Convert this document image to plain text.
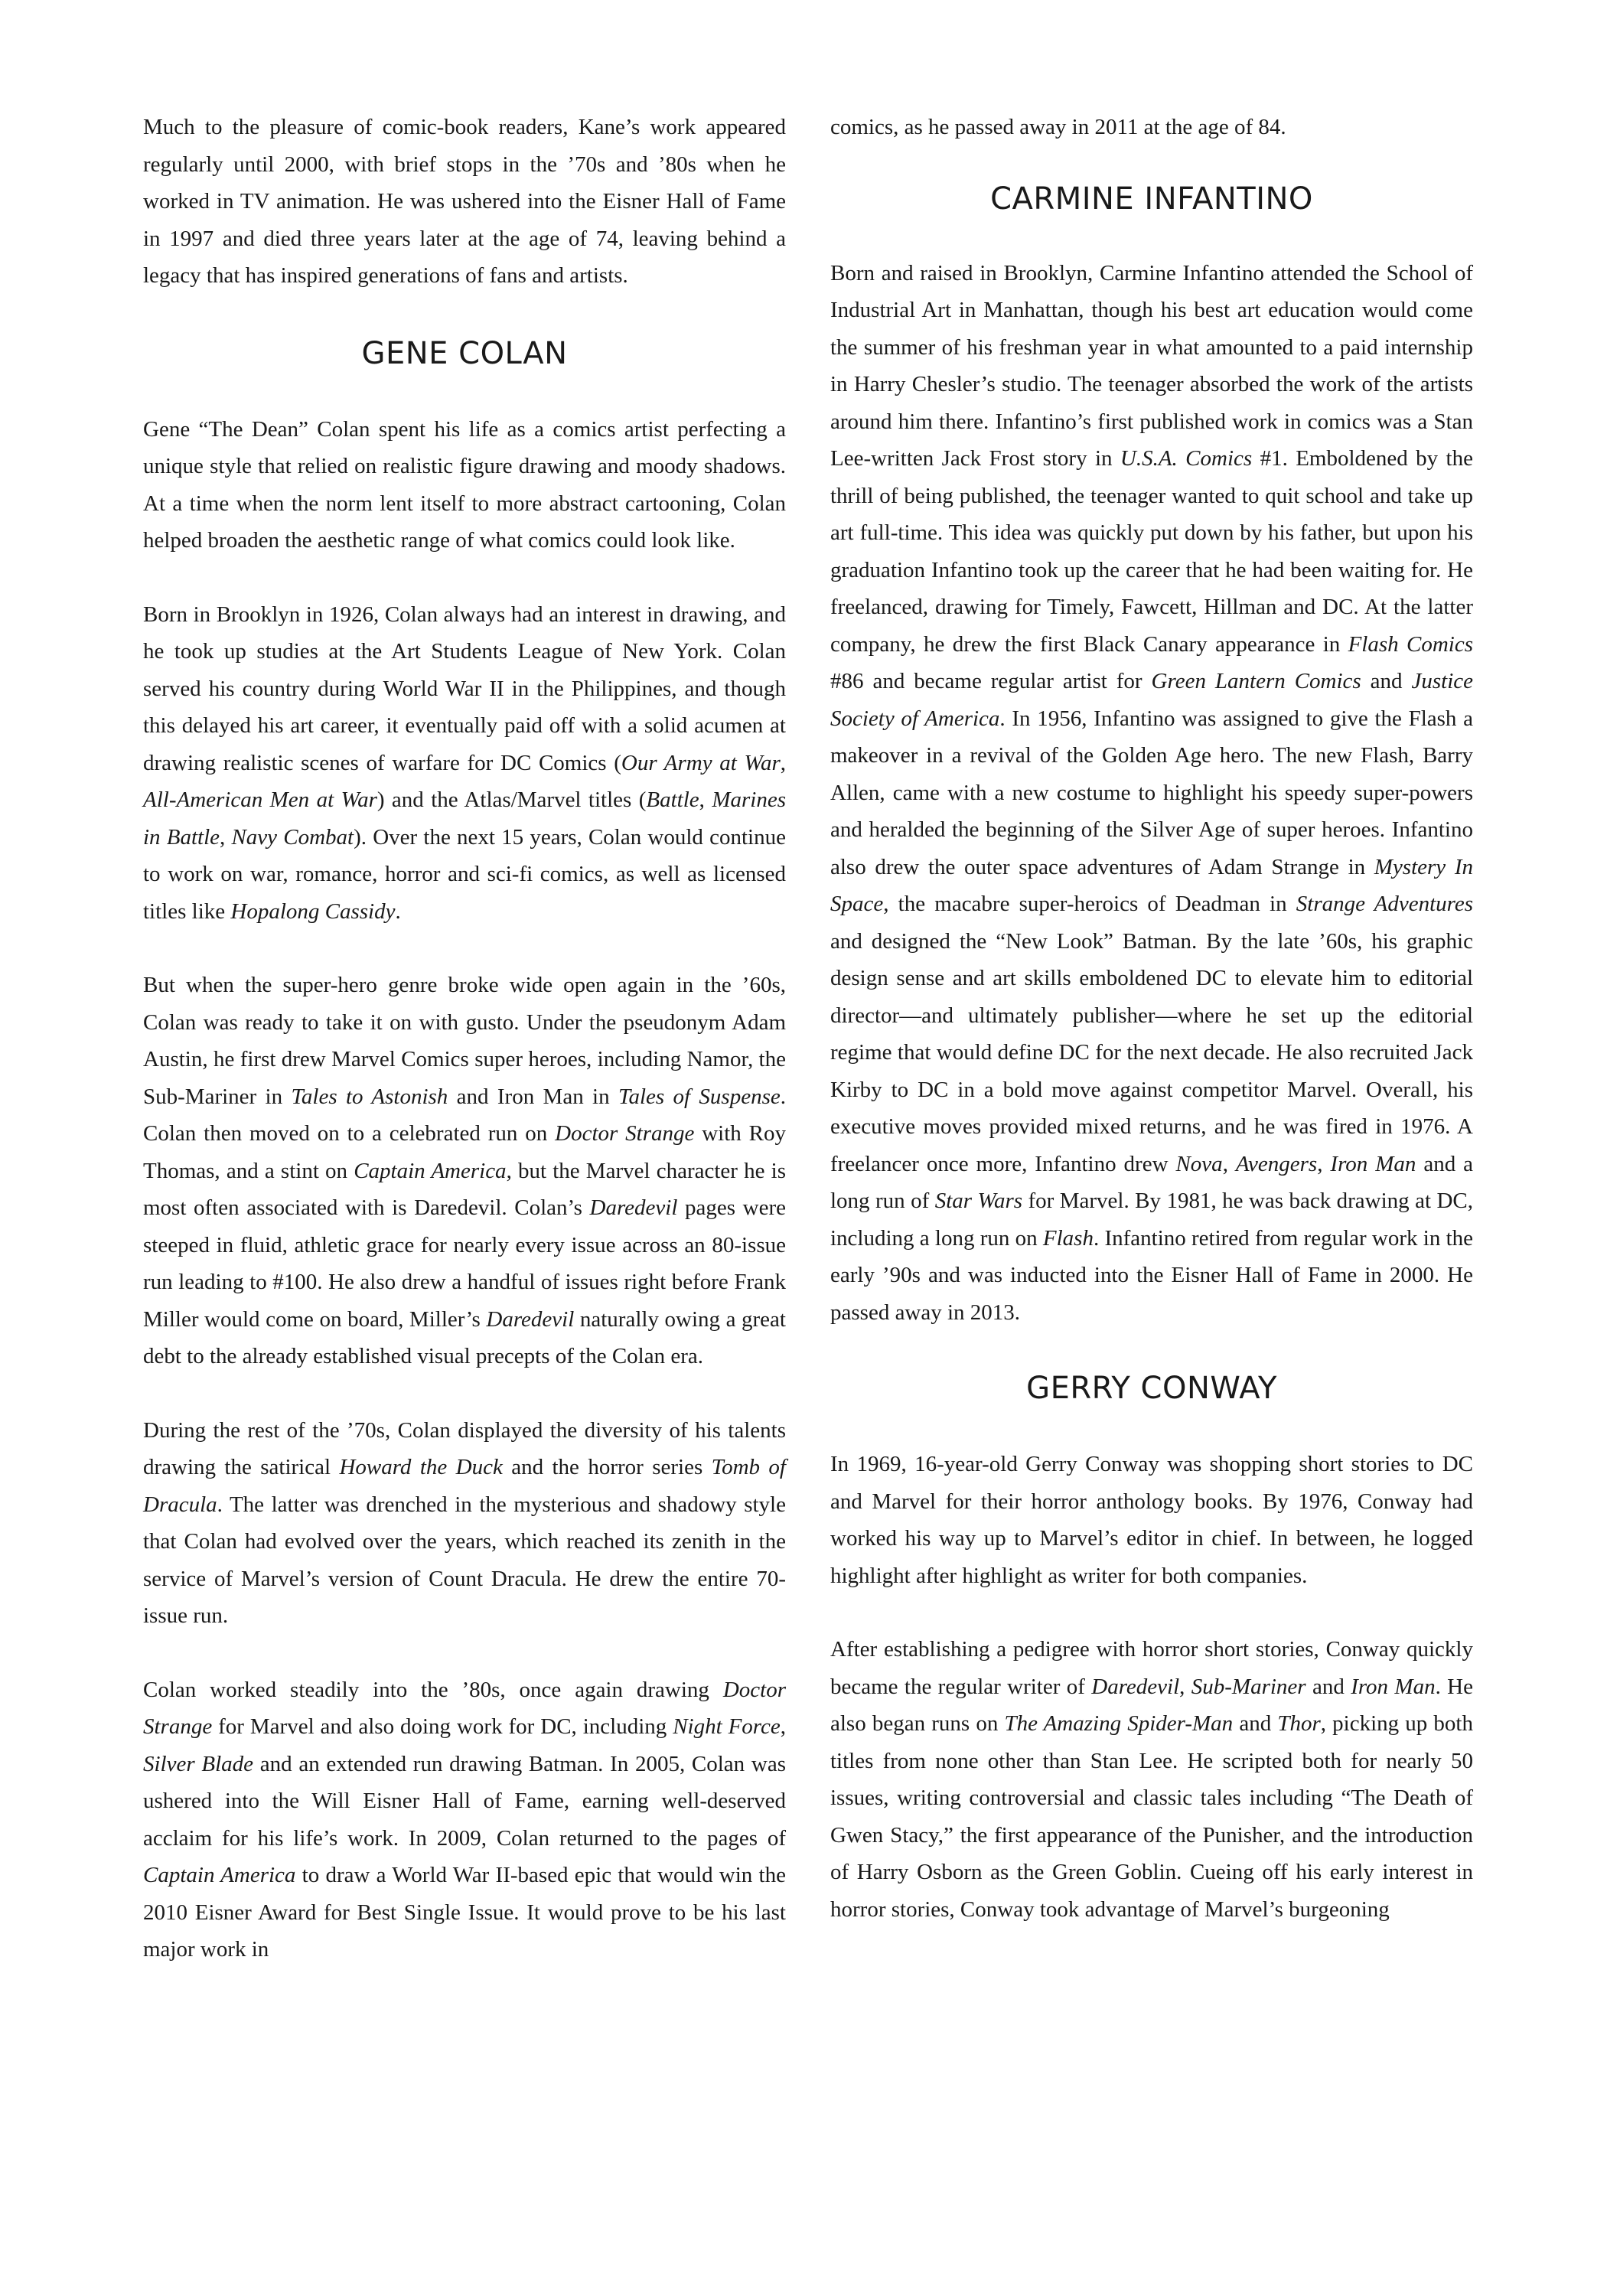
Much to the pleasure of comic-book readers, Kane’s work appeared regularly until 2000, with brief stops in the ’70s and ’80s when he worked in TV animation. He was ushered into the Eisner Hall of Fame in 1997 and died three years later at the age of 74, leaving behind a legacy that has inspired generations of fans and artists.

GENE COLAN

Gene “The Dean” Colan spent his life as a comics artist perfecting a unique style that relied on realistic figure drawing and moody shadows. At a time when the norm lent itself to more abstract cartooning, Colan helped broaden the aesthetic range of what comics could look like.

Born in Brooklyn in 1926, Colan always had an interest in drawing, and he took up studies at the Art Students League of New York. Colan served his country during World War II in the Philippines, and though this delayed his art career, it eventually paid off with a solid acumen at drawing realistic scenes of warfare for DC Comics (Our Army at War, All-American Men at War) and the Atlas/Marvel titles (Battle, Marines in Battle, Navy Combat). Over the next 15 years, Colan would continue to work on war, romance, horror and sci-fi comics, as well as licensed titles like Hopalong Cassidy.

But when the super-hero genre broke wide open again in the ’60s, Colan was ready to take it on with gusto. Under the pseudonym Adam Austin, he first drew Marvel Comics super heroes, including Namor, the Sub-Mariner in Tales to Astonish and Iron Man in Tales of Suspense. Colan then moved on to a celebrated run on Doctor Strange with Roy Thomas, and a stint on Captain America, but the Marvel character he is most often associated with is Daredevil. Colan’s Daredevil pages were steeped in fluid, athletic grace for nearly every issue across an 80-issue run leading to #100. He also drew a handful of issues right before Frank Miller would come on board, Miller’s Daredevil naturally owing a great debt to the already established visual precepts of the Colan era.

During the rest of the ’70s, Colan displayed the diversity of his talents drawing the satirical Howard the Duck and the horror series Tomb of Dracula. The latter was drenched in the mysterious and shadowy style that Colan had evolved over the years, which reached its zenith in the service of Marvel’s version of Count Dracula. He drew the entire 70-issue run.

Colan worked steadily into the ’80s, once again drawing Doctor Strange for Marvel and also doing work for DC, including Night Force, Silver Blade and an extended run drawing Batman. In 2005, Colan was ushered into the Will Eisner Hall of Fame, earning well-deserved acclaim for his life’s work. In 2009, Colan returned to the pages of Captain America to draw a World War II-based epic that would win the 2010 Eisner Award for Best Single Issue. It would prove to be his last major work in

comics, as he passed away in 2011 at the age of 84.

CARMINE INFANTINO

Born and raised in Brooklyn, Carmine Infantino attended the School of Industrial Art in Manhattan, though his best art education would come the summer of his freshman year in what amounted to a paid internship in Harry Chesler’s studio. The teenager absorbed the work of the artists around him there. Infantino’s first published work in comics was a Stan Lee-written Jack Frost story in U.S.A. Comics #1. Emboldened by the thrill of being published, the teenager wanted to quit school and take up art full-time. This idea was quickly put down by his father, but upon his graduation Infantino took up the career that he had been waiting for. He freelanced, drawing for Timely, Fawcett, Hillman and DC. At the latter company, he drew the first Black Canary appearance in Flash Comics #86 and became regular artist for Green Lantern Comics and Justice Society of America. In 1956, Infantino was assigned to give the Flash a makeover in a revival of the Golden Age hero. The new Flash, Barry Allen, came with a new costume to highlight his speedy super-powers and heralded the beginning of the Silver Age of super heroes. Infantino also drew the outer space adventures of Adam Strange in Mystery In Space, the macabre super-heroics of Deadman in Strange Adventures and designed the “New Look” Batman. By the late ’60s, his graphic design sense and art skills emboldened DC to elevate him to editorial director—and ultimately publisher—where he set up the editorial regime that would define DC for the next decade. He also recruited Jack Kirby to DC in a bold move against competitor Marvel. Overall, his executive moves provided mixed returns, and he was fired in 1976. A freelancer once more, Infantino drew Nova, Avengers, Iron Man and a long run of Star Wars for Marvel. By 1981, he was back drawing at DC, including a long run on Flash. Infantino retired from regular work in the early ’90s and was inducted into the Eisner Hall of Fame in 2000. He passed away in 2013.

GERRY CONWAY

In 1969, 16-year-old Gerry Conway was shopping short stories to DC and Marvel for their horror anthology books. By 1976, Conway had worked his way up to Marvel’s editor in chief. In between, he logged highlight after highlight as writer for both companies.

After establishing a pedigree with horror short stories, Conway quickly became the regular writer of Daredevil, Sub-Mariner and Iron Man. He also began runs on The Amazing Spider-Man and Thor, picking up both titles from none other than Stan Lee. He scripted both for nearly 50 issues, writing controversial and classic tales including “The Death of Gwen Stacy,” the first appearance of the Punisher, and the introduction of Harry Osborn as the Green Goblin. Cueing off his early interest in horror stories, Conway took advantage of Marvel’s burgeoning
